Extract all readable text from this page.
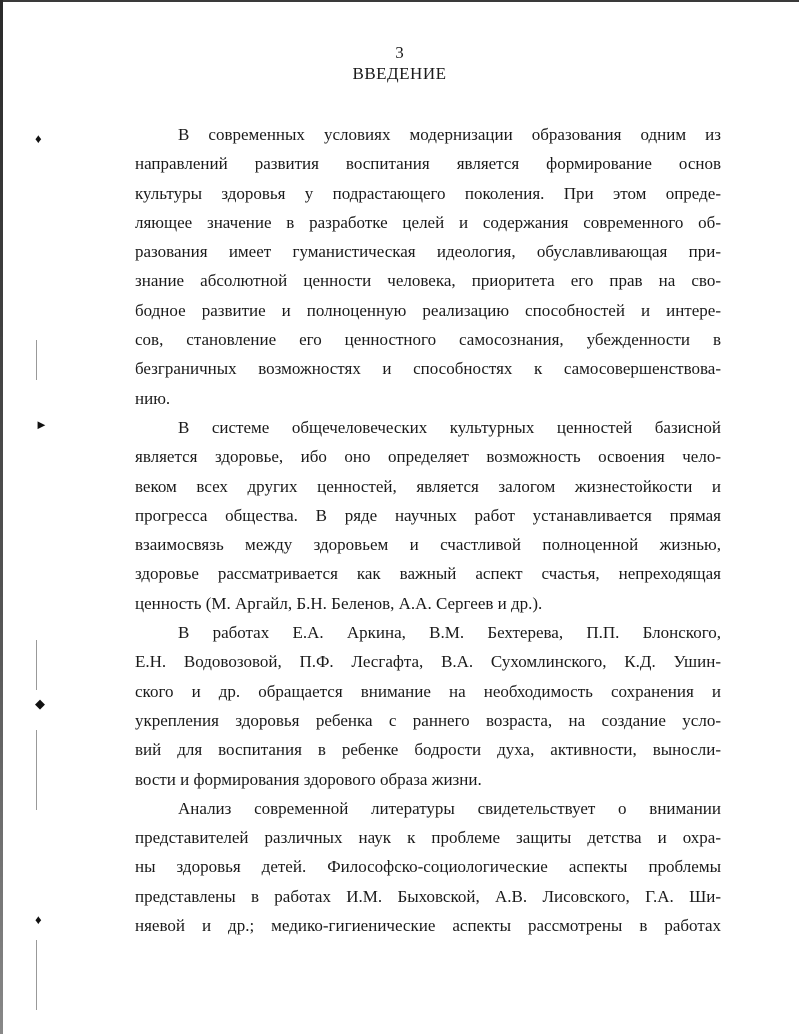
♦
►
◆
♦
3
ВВЕДЕНИЕ
В современных условиях модернизации образования одним из
направлений развития воспитания является формирование основ
культуры здоровья у подрастающего поколения. При этом опреде-
ляющее значение в разработке целей и содержания современного об-
разования имеет гуманистическая идеология, обуславливающая при-
знание абсолютной ценности человека, приоритета его прав на сво-
бодное развитие и полноценную реализацию способностей и интере-
сов, становление его ценностного самосознания, убежденности в
безграничных возможностях и способностях к самосовершенствова-
нию.
В системе общечеловеческих культурных ценностей базисной
является здоровье, ибо оно определяет возможность освоения чело-
веком всех других ценностей, является залогом жизнестойкости и
прогресса общества. В ряде научных работ устанавливается прямая
взаимосвязь между здоровьем и счастливой полноценной жизнью,
здоровье рассматривается как важный аспект счастья, непреходящая
ценность (М. Аргайл, Б.Н. Беленов, А.А. Сергеев и др.).
В работах Е.А. Аркина, В.М. Бехтерева, П.П. Блонского,
Е.Н. Водовозовой, П.Ф. Лесгафта, В.А. Сухомлинского, К.Д. Ушин-
ского и др. обращается внимание на необходимость сохранения и
укрепления здоровья ребенка с раннего возраста, на создание усло-
вий для воспитания в ребенке бодрости духа, активности, выносли-
вости и формирования здорового образа жизни.
Анализ современной литературы свидетельствует о внимании
представителей различных наук к проблеме защиты детства и охра-
ны здоровья детей. Философско-социологические аспекты проблемы
представлены в работах И.М. Быховской, А.В. Лисовского, Г.А. Ши-
няевой и др.; медико-гигиенические аспекты рассмотрены в работах
